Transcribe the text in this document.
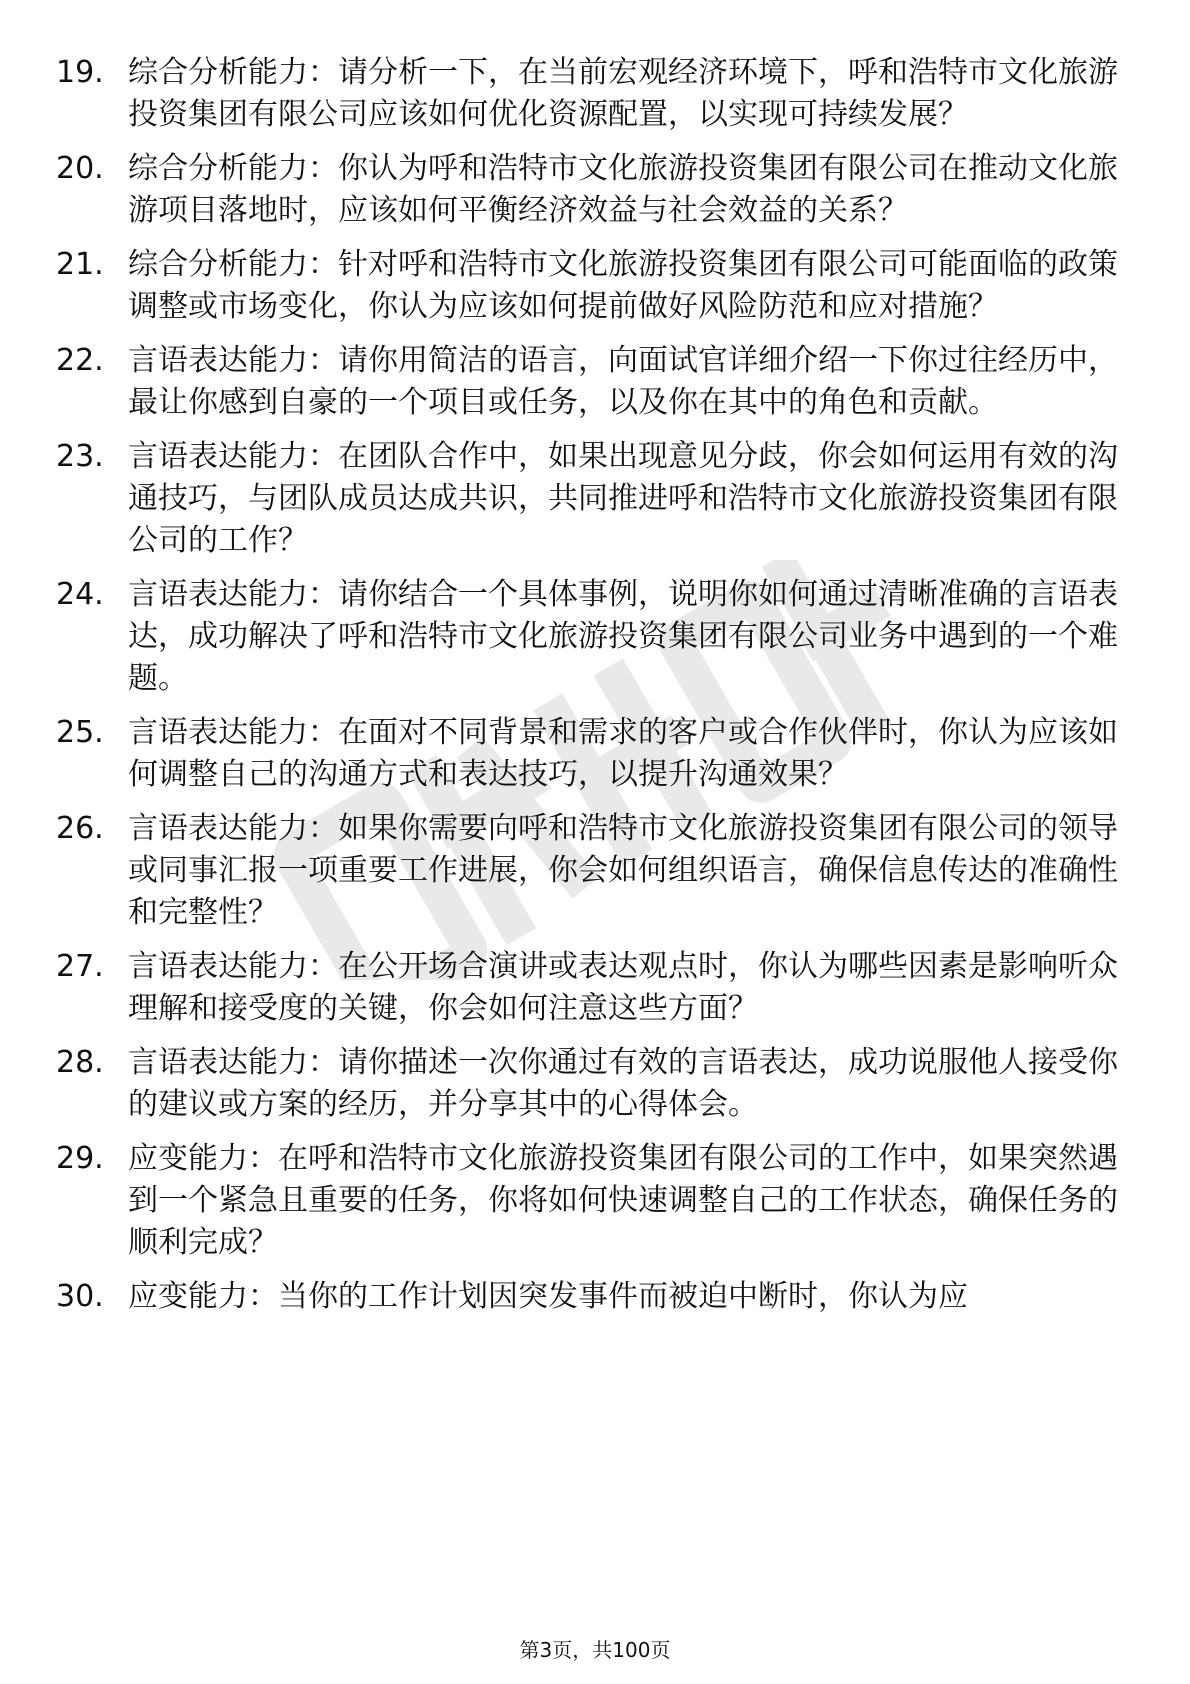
19. 综合分析能力：请分析一下，在当前宏观经济环境下，呼和浩特市文化旅游投资集团有限公司应该如何优化资源配置，以实现可持续发展？
20. 综合分析能力：你认为呼和浩特市文化旅游投资集团有限公司在推动文化旅游项目落地时，应该如何平衡经济效益与社会效益的关系？
21. 综合分析能力：针对呼和浩特市文化旅游投资集团有限公司可能面临的政策调整或市场变化，你认为应该如何提前做好风险防范和应对措施？
22. 言语表达能力：请你用简洁的语言，向面试官详细介绍一下你过往经历中，最让你感到自豪的一个项目或任务，以及你在其中的角色和贡献。
23. 言语表达能力：在团队合作中，如果出现意见分歧，你会如何运用有效的沟通技巧，与团队成员达成共识，共同推进呼和浩特市文化旅游投资集团有限公司的工作？
24. 言语表达能力：请你结合一个具体事例，说明你如何通过清晰准确的言语表达，成功解决了呼和浩特市文化旅游投资集团有限公司业务中遇到的一个难题。
25. 言语表达能力：在面对不同背景和需求的客户或合作伙伴时，你认为应该如何调整自己的沟通方式和表达技巧，以提升沟通效果？
26. 言语表达能力：如果你需要向呼和浩特市文化旅游投资集团有限公司的领导或同事汇报一项重要工作进展，你会如何组织语言，确保信息传达的准确性和完整性？
27. 言语表达能力：在公开场合演讲或表达观点时，你认为哪些因素是影响听众理解和接受度的关键，你会如何注意这些方面？
28. 言语表达能力：请你描述一次你通过有效的言语表达，成功说服他人接受你的建议或方案的经历，并分享其中的心得体会。
29. 应变能力：在呼和浩特市文化旅游投资集团有限公司的工作中，如果突然遇到一个紧急且重要的任务，你将如何快速调整自己的工作状态，确保任务的顺利完成？
30. 应变能力：当你的工作计划因突发事件而被迫中断时，你认为应
第3页，共100页
